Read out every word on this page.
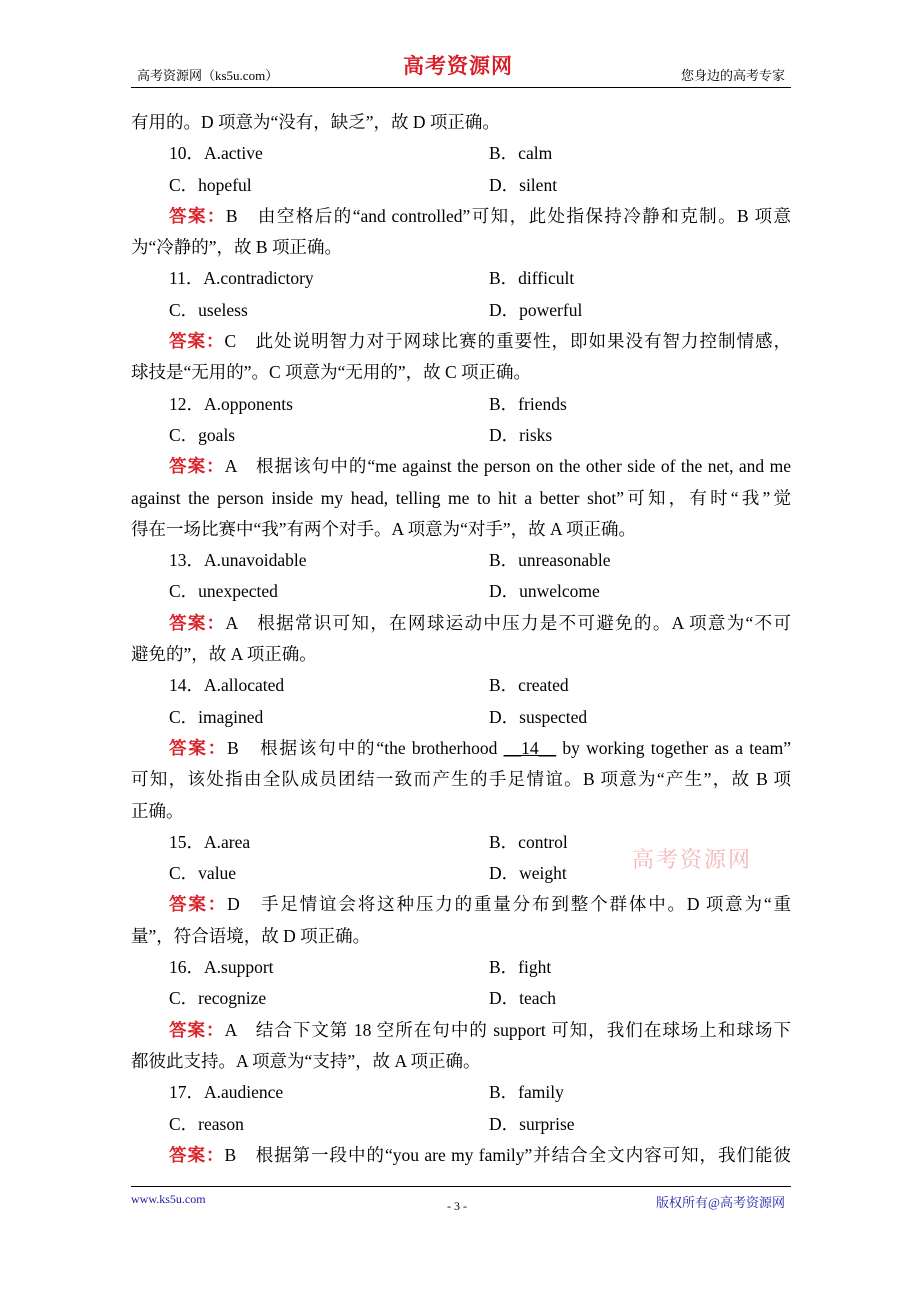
高考资源网（ks5u.com）	高考资源网	您身边的高考专家
有用的。D 项意为“没有，缺乏”，故 D 项正确。
10．A.active	B．calm
C．hopeful	D．silent
答案：B　由空格后的“and controlled”可知，此处指保持冷静和克制。B 项意
为“冷静的”，故 B 项正确。
11．A.contradictory	B．difficult
C．useless	D．powerful
答案：C　此处说明智力对于网球比赛的重要性，即如果没有智力控制情感，
球技是“无用的”。C 项意为“无用的”，故 C 项正确。
12．A.opponents	B．friends
C．goals	D．risks
答案：A　根据该句中的“me against the person on the other side of the net, and me
against the person inside my head, telling me to hit a better shot”可知，有时“我”觉
得在一场比赛中“我”有两个对手。A 项意为“对手”，故 A 项正确。
13．A.unavoidable	B．unreasonable
C．unexpected	D．unwelcome
答案：A　根据常识可知，在网球运动中压力是不可避免的。A 项意为“不可
避免的”，故 A 项正确。
14．A.allocated	B．created
C．imagined	D．suspected
答案：B　根据该句中的“the brotherhood __14__ by working together as a team”
可知，该处指由全队成员团结一致而产生的手足情谊。B 项意为“产生”，故 B 项
正确。
15．A.area	B．control
C．value	D．weight
答案：D　手足情谊会将这种压力的重量分布到整个群体中。D 项意为“重
量”，符合语境，故 D 项正确。
16．A.support	B．fight
C．recognize	D．teach
答案：A　结合下文第 18 空所在句中的 support 可知，我们在球场上和球场下
都彼此支持。A 项意为“支持”，故 A 项正确。
17．A.audience	B．family
C．reason	D．surprise
答案：B　根据第一段中的“you are my family”并结合全文内容可知，我们能彼
高考资源网
www.ks5u.com	- 3 -	版权所有@高考资源网
